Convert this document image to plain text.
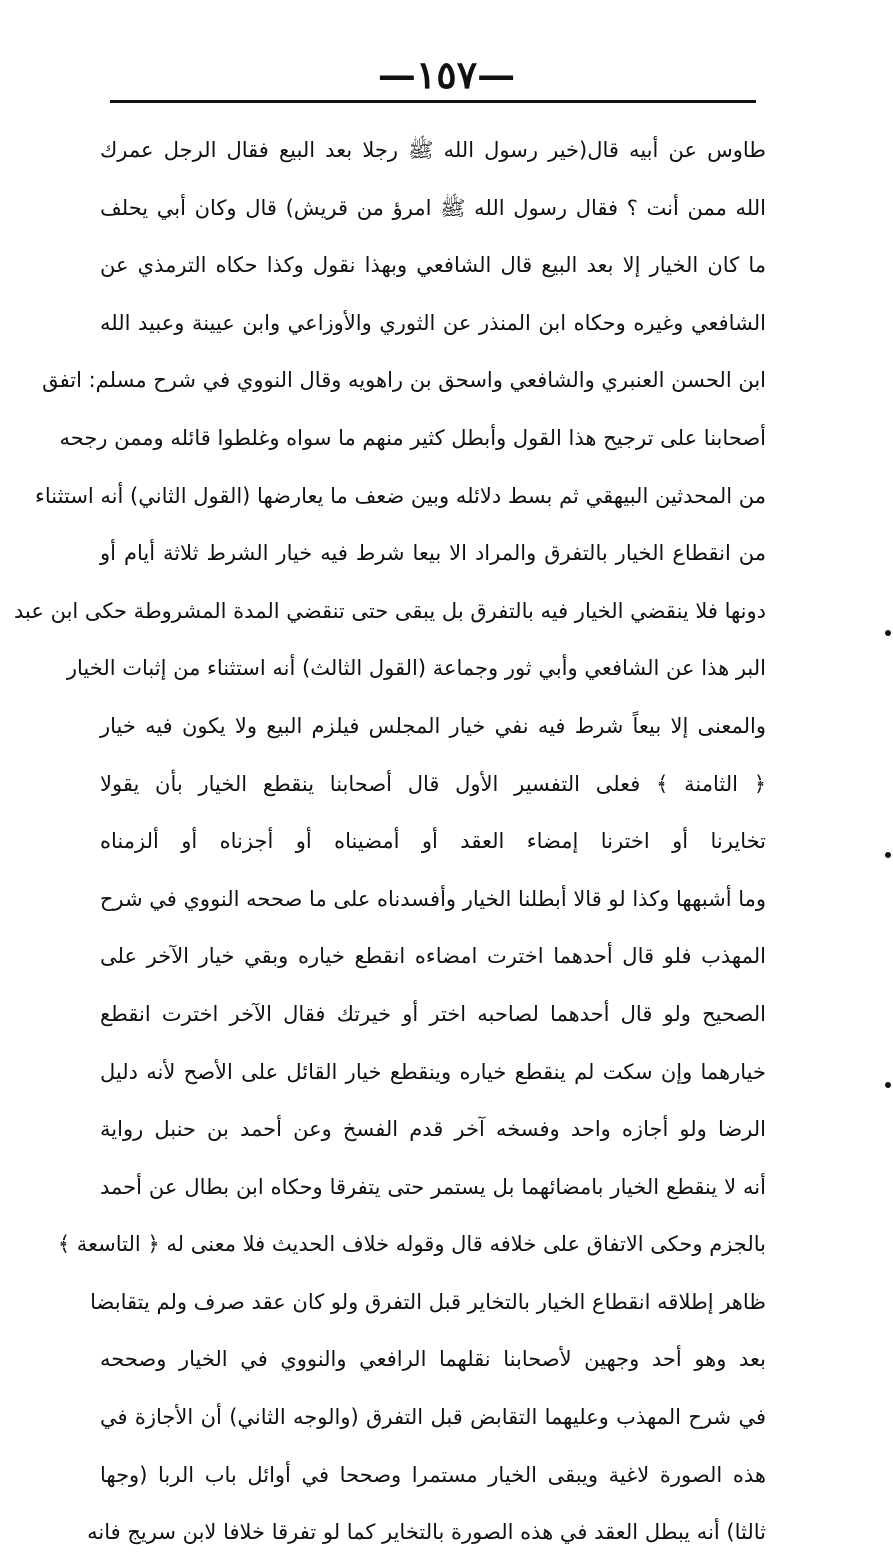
—١٥٧—
طاوس عن أبيه قال(خير رسول الله ﷺ رجلا بعد البيع فقال الرجل عمرك
الله ممن أنت ؟ فقال رسول الله ﷺ امرؤ من قريش) قال وكان أبي يحلف
ما كان الخيار إلا بعد البيع قال الشافعي وبهذا نقول وكذا حكاه الترمذي عن
الشافعي وغيره وحكاه ابن المنذر عن الثوري والأوزاعي وابن عيينة وعبيد الله
ابن الحسن العنبري والشافعي واسحق بن راهويه وقال النووي في شرح مسلم: اتفق
أصحابنا على ترجيح هذا القول وأبطل كثير منهم ما سواه وغلطوا قائله وممن رجحه
من المحدثين البيهقي ثم بسط دلائله وبين ضعف ما يعارضها (القول الثاني) أنه استثناء
من انقطاع الخيار بالتفرق والمراد الا بيعا شرط فيه خيار الشرط ثلاثة أيام أو
دونها فلا ينقضي الخيار فيه بالتفرق بل يبقى حتى تنقضي المدة المشروطة حكى ابن عبد
البر هذا عن الشافعي وأبي ثور وجماعة (القول الثالث) أنه استثناء من إثبات الخيار
والمعنى إلا بيعاً شرط فيه نفي خيار المجلس فيلزم البيع ولا يكون فيه خيار
﴿ الثامنة ﴾ فعلى التفسير الأول قال أصحابنا ينقطع الخيار بأن يقولا
تخايرنا أو اخترنا إمضاء العقد أو أمضيناه أو أجزناه أو ألزمناه
وما أشبهها وكذا لو قالا أبطلنا الخيار وأفسدناه على ما صححه النووي في شرح
المهذب فلو قال أحدهما اخترت امضاءه انقطع خياره وبقي خيار الآخر على
الصحيح ولو قال أحدهما لصاحبه اختر أو خيرتك فقال الآخر اخترت انقطع
خيارهما وإن سكت لم ينقطع خياره وينقطع خيار القائل على الأصح لأنه دليل
الرضا ولو أجازه واحد وفسخه آخر قدم الفسخ وعن أحمد بن حنبل رواية
أنه لا ينقطع الخيار بامضائهما بل يستمر حتى يتفرقا وحكاه ابن بطال عن أحمد
بالجزم وحكى الاتفاق على خلافه قال وقوله خلاف الحديث فلا معنى له ﴿ التاسعة ﴾
ظاهر إطلاقه انقطاع الخيار بالتخاير قبل التفرق ولو كان عقد صرف ولم يتقابضا
بعد وهو أحد وجهين لأصحابنا نقلهما الرافعي والنووي في الخيار وصححه
في شرح المهذب وعليهما التقابض قبل التفرق (والوجه الثاني) أن الأجازة في
هذه الصورة لاغية ويبقى الخيار مستمرا وصححا في أوائل باب الربا (وجها
ثالثا) أنه يبطل العقد في هذه الصورة بالتخاير كما لو تفرقا خلافا لابن سريج فانه
